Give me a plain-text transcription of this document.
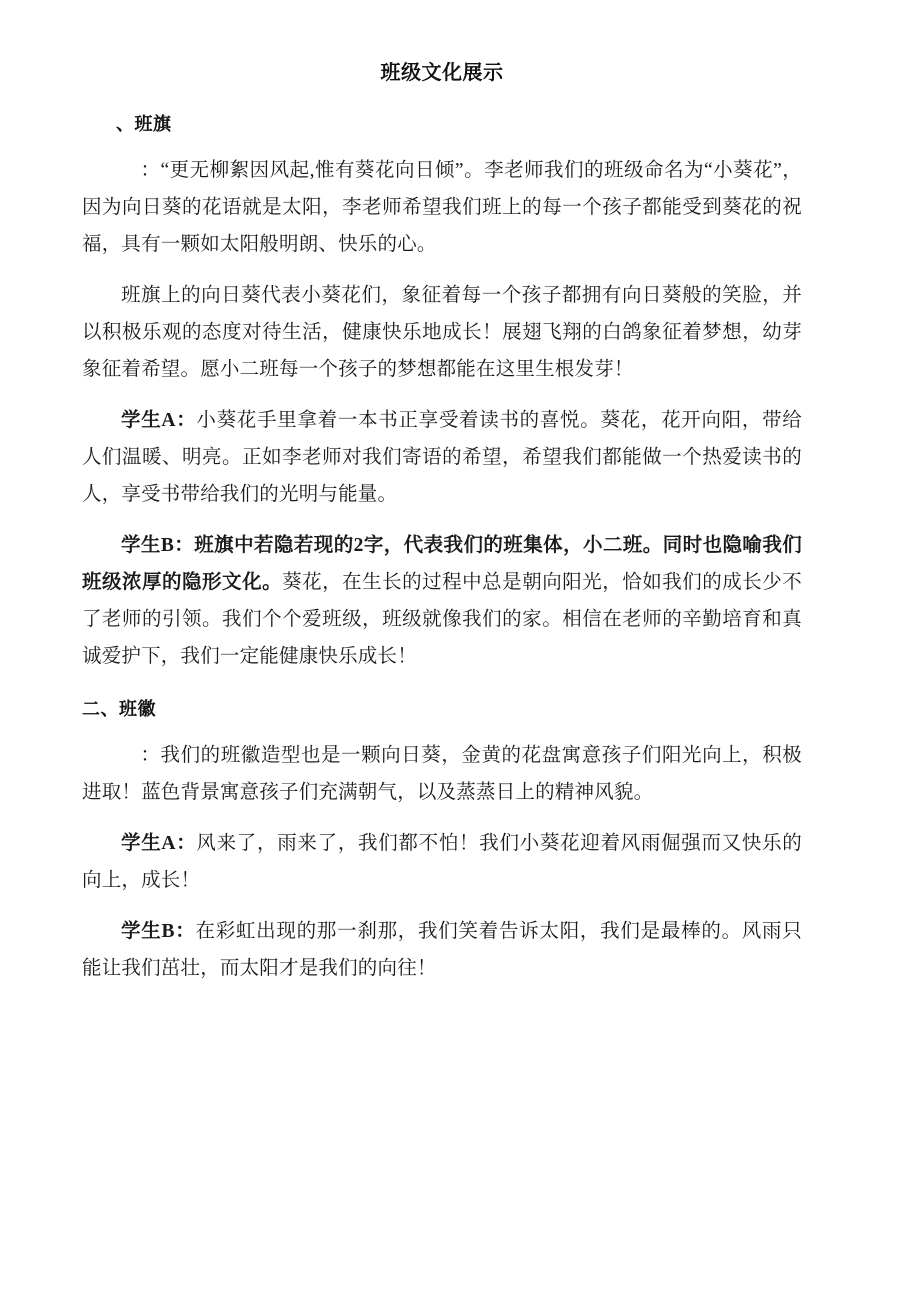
班级文化展示
、班旗

：“更无柳絮因风起,惟有葵花向日倾”。李老师我们的班级命名为“小葵花”，因为向日葵的花语就是太阳，李老师希望我们班上的每一个孩子都能受到葵花的祝福，具有一颗如太阳般明朗、快乐的心。

班旗上的向日葵代表小葵花们，象征着每一个孩子都拥有向日葵般的笑脸，并以积极乐观的态度对待生活，健康快乐地成长！展翅飞翔的白鸽象征着梦想，幼芽象征着希望。愿小二班每一个孩子的梦想都能在这里生根发芽！

学生A：小葵花手里拿着一本书正享受着读书的喜悦。葵花，花开向阳，带给人们温暖、明亮。正如李老师对我们寄语的希望，希望我们都能做一个热爱读书的人，享受书带给我们的光明与能量。

学生B：班旗中若隐若现的2字，代表我们的班集体，小二班。同时也隐喻我们班级浓厚的隐形文化。葵花，在生长的过程中总是朝向阳光，恰如我们的成长少不了老师的引领。我们个个爱班级，班级就像我们的家。相信在老师的辛勤培育和真诚爱护下，我们一定能健康快乐成长！

二、班徽

：我们的班徽造型也是一颗向日葵，金黄的花盘寓意孩子们阳光向上，积极进取！蓝色背景寓意孩子们充满朝气，以及蒸蒸日上的精神风貌。

学生A：风来了，雨来了，我们都不怕！我们小葵花迎着风雨倔强而又快乐的向上，成长！

学生B：在彩虹出现的那一刹那，我们笑着告诉太阳，我们是最棒的。风雨只能让我们茁壮，而太阳才是我们的向往！
